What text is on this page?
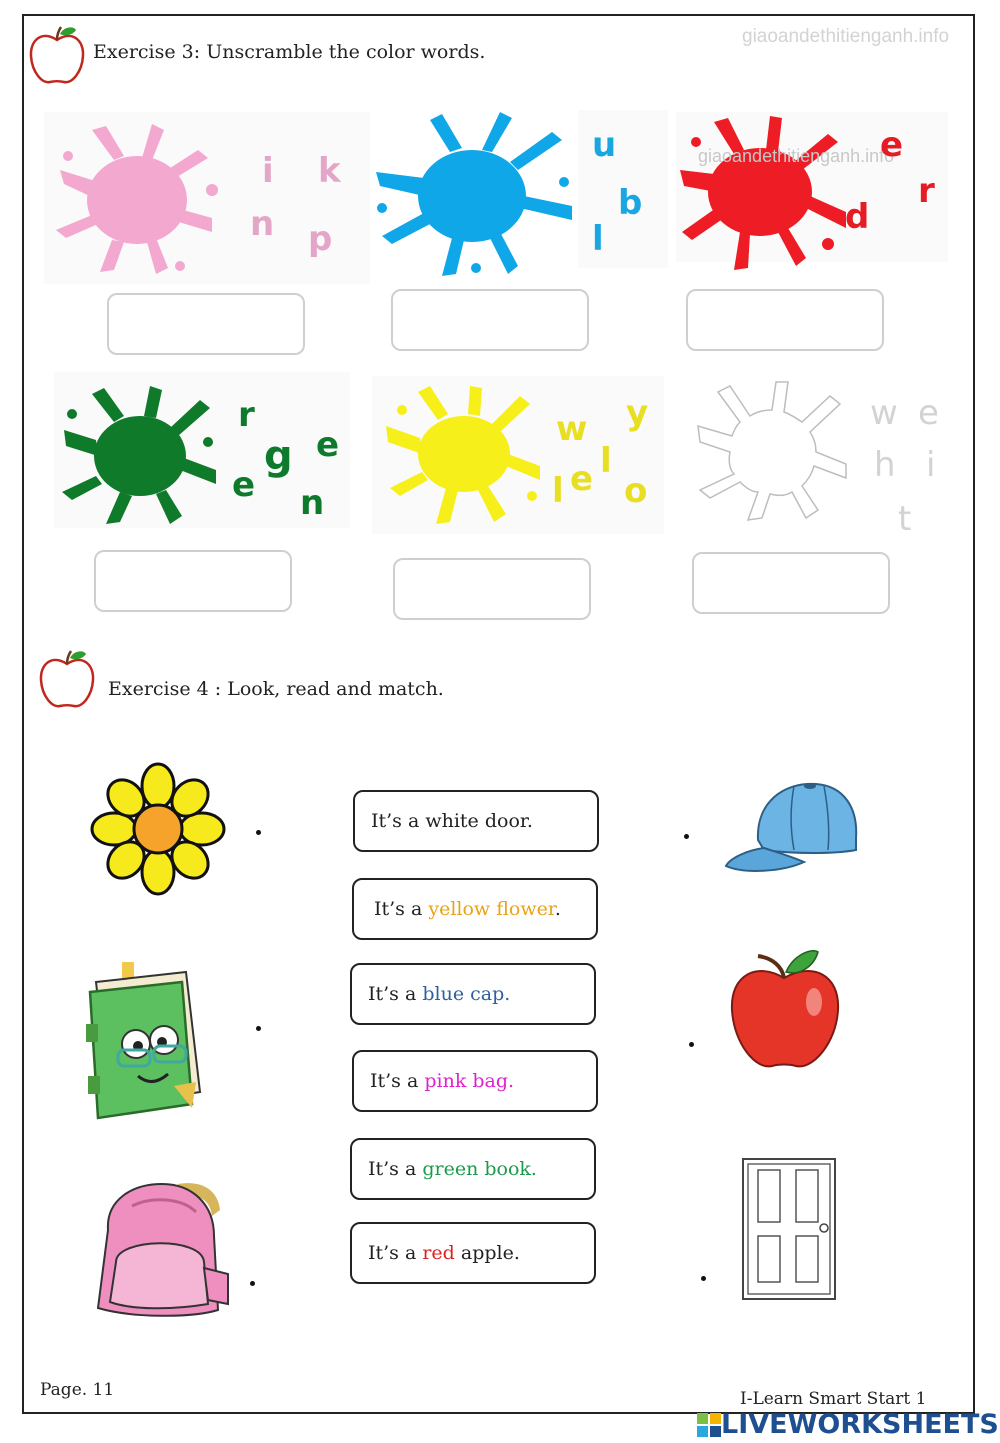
Exercise 3: Unscramble the color words.
giaoandethitienganh.info
i k
n p
u
b
l
giaoandethitienganh.info
e
r
d
r
g e
e n
w y
l e l
o
w e
h i
t
Exercise 4 : Look, read and match.
It’s a white door.
It’s a yellow flower.
It’s a blue cap.
It’s a pink bag.
It’s a green book.
It’s a red apple.
Page. 11	I-Learn Smart Start 1
LIVEWORKSHEETS
